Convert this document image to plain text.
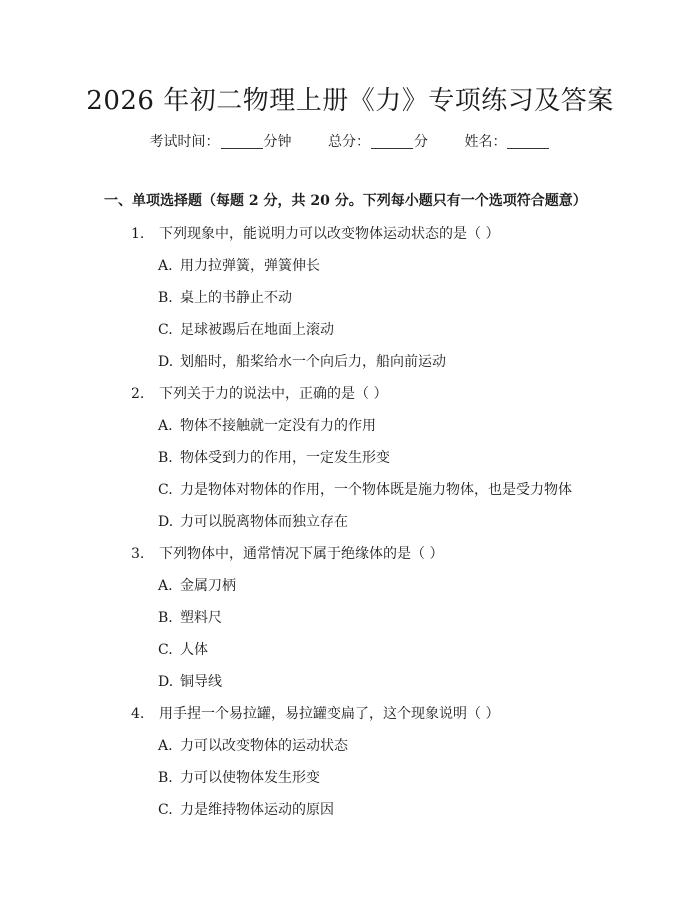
2026 年初二物理上册《力》专项练习及答案
考试时间：	分钟	总分：	分	姓名：
一、单项选择题（每题 2 分，共 20 分。下列每小题只有一个选项符合题意）
1. 下列现象中，能说明力可以改变物体运动状态的是（ ）
A. 用力拉弹簧，弹簧伸长
B. 桌上的书静止不动
C. 足球被踢后在地面上滚动
D. 划船时，船桨给水一个向后力，船向前运动
2. 下列关于力的说法中，正确的是（ ）
A. 物体不接触就一定没有力的作用
B. 物体受到力的作用，一定发生形变
C. 力是物体对物体的作用，一个物体既是施力物体，也是受力物体
D. 力可以脱离物体而独立存在
3. 下列物体中，通常情况下属于绝缘体的是（ ）
A. 金属刀柄
B. 塑料尺
C. 人体
D. 铜导线
4. 用手捏一个易拉罐，易拉罐变扁了，这个现象说明（ ）
A. 力可以改变物体的运动状态
B. 力可以使物体发生形变
C. 力是维持物体运动的原因
